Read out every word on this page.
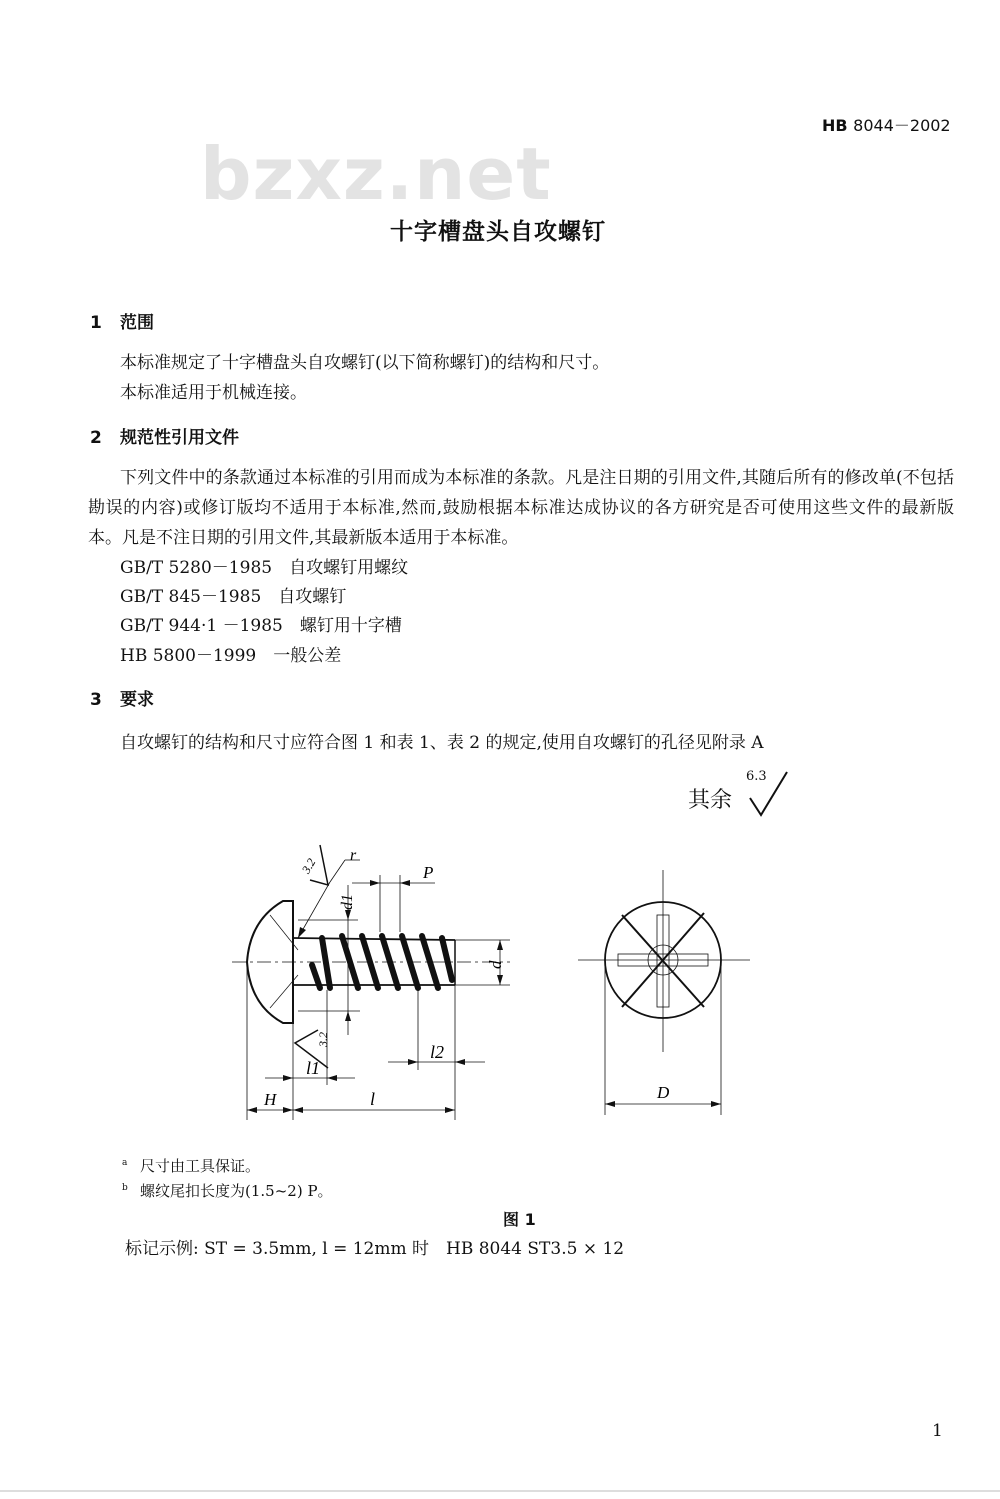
HB 8044－2002
bzxz.net
十字槽盘头自攻螺钉
1 范围
本标准规定了十字槽盘头自攻螺钉(以下简称螺钉)的结构和尺寸。
本标准适用于机械连接。
2 规范性引用文件
下列文件中的条款通过本标准的引用而成为本标准的条款。凡是注日期的引用文件,其随后所有的修改单(不包括勘误的内容)或修订版均不适用于本标准,然而,鼓励根据本标准达成协议的各方研究是否可使用这些文件的最新版本。凡是不注日期的引用文件,其最新版本适用于本标准。
GB/T 5280－1985　 自攻螺钉用螺纹
GB/T 845－1985　 自攻螺钉
GB/T 944·1 －1985　 螺钉用十字槽
HB 5800－1999　 一般公差
3 要求
自攻螺钉的结构和尺寸应符合图 1 和表 1、表 2 的规定,使用自攻螺钉的孔径见附录 A
其余
6.3
r
P
d1
d
l1
l2
H	l	D
3.2
3.2
a 尺寸由工具保证。
b 螺纹尾扣长度为(1.5~2) P。
图 1
标记示例: ST = 3.5mm, l = 12mm 时　HB 8044 ST3.5 × 12
1
